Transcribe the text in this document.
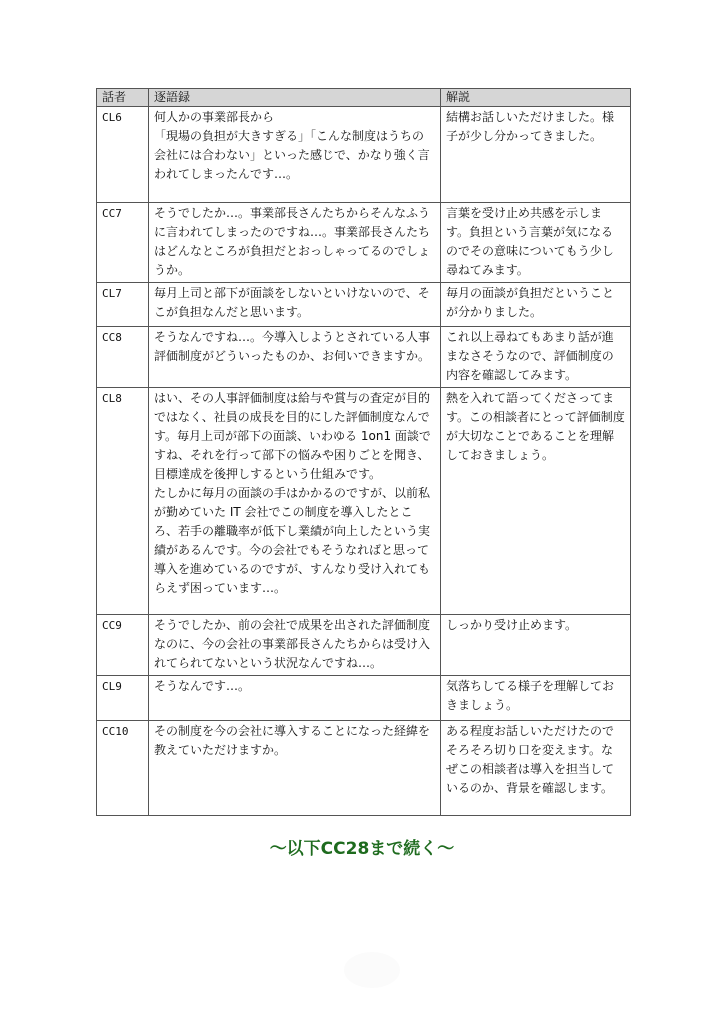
話者	逐語録	解説
CL6	何人かの事業部長から
「現場の負担が大きすぎる」「こんな制度はうちの会社には合わない」といった感じで、かなり強く言われてしまったんです…。	結構お話しいただけました。様子が少し分かってきました。
CC7	そうでしたか…。事業部長さんたちからそんなふうに言われてしまったのですね…。事業部長さんたちはどんなところが負担だとおっしゃってるのでしょうか。	言葉を受け止め共感を示します。負担という言葉が気になるのでその意味についてもう少し尋ねてみます。
CL7	毎月上司と部下が面談をしないといけないので、そこが負担なんだと思います。	毎月の面談が負担だということが分かりました。
CC8	そうなんですね…。今導入しようとされている人事評価制度がどういったものか、お伺いできますか。	これ以上尋ねてもあまり話が進まなさそうなので、評価制度の内容を確認してみます。
CL8	はい、その人事評価制度は給与や賞与の査定が目的ではなく、社員の成長を目的にした評価制度なんです。毎月上司が部下の面談、いわゆる 1on1 面談ですね、それを行って部下の悩みや困りごとを聞き、目標達成を後押しするという仕組みです。
たしかに毎月の面談の手はかかるのですが、以前私が勤めていた IT 会社でこの制度を導入したところ、若手の離職率が低下し業績が向上したという実績があるんです。今の会社でもそうなればと思って導入を進めているのですが、すんなり受け入れてもらえず困っています…。	熱を入れて語ってくださってます。この相談者にとって評価制度が大切なことであることを理解しておきましょう。
CC9	そうでしたか、前の会社で成果を出された評価制度なのに、今の会社の事業部長さんたちからは受け入れてられてないという状況なんですね…。	しっかり受け止めます。
CL9	そうなんです…。	気落ちしてる様子を理解しておきましょう。
CC10	その制度を今の会社に導入することになった経緯を教えていただけますか。	ある程度お話しいただけたのでそろそろ切り口を変えます。なぜこの相談者は導入を担当しているのか、背景を確認します。
～以下CC28まで続く～
